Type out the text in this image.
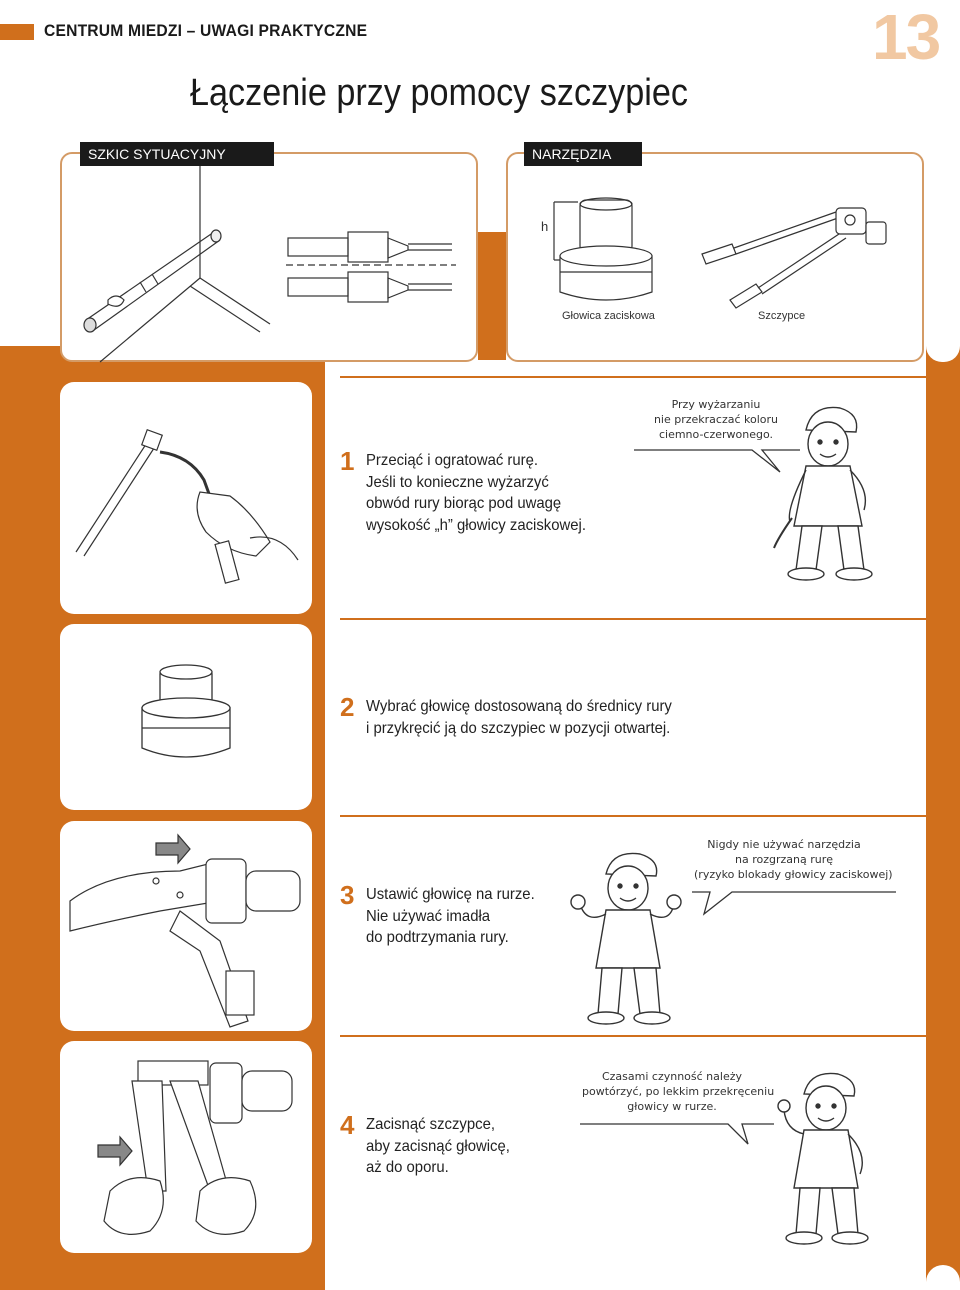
CENTRUM MIEDZI – UWAGI PRAKTYCZNE	13
Łączenie przy pomocy szczypiec
SZKIC SYTUACYJNY	NARZĘDZIA
h
Głowica zaciskowa	Szczypce
1 Przeciąć i ogratować rurę.
Jeśli to konieczne wyżarzyć
obwód rury biorąc pod uwagę
wysokość „h” głowicy zaciskowej.
Przy wyżarzaniu
nie przekraczać koloru
ciemno-czerwonego.
2 Wybrać głowicę dostosowaną do średnicy rury
i przykręcić ją do szczypiec w pozycji otwartej.
3 Ustawić głowicę na rurze.
Nie używać imadła
do podtrzymania rury.
Nigdy nie używać narzędzia
na rozgrzaną rurę
(ryzyko blokady głowicy zaciskowej)
4 Zacisnąć szczypce,
aby zacisnąć głowicę,
aż do oporu.
Czasami czynność należy
powtórzyć, po lekkim przekręceniu
głowicy w rurze.
